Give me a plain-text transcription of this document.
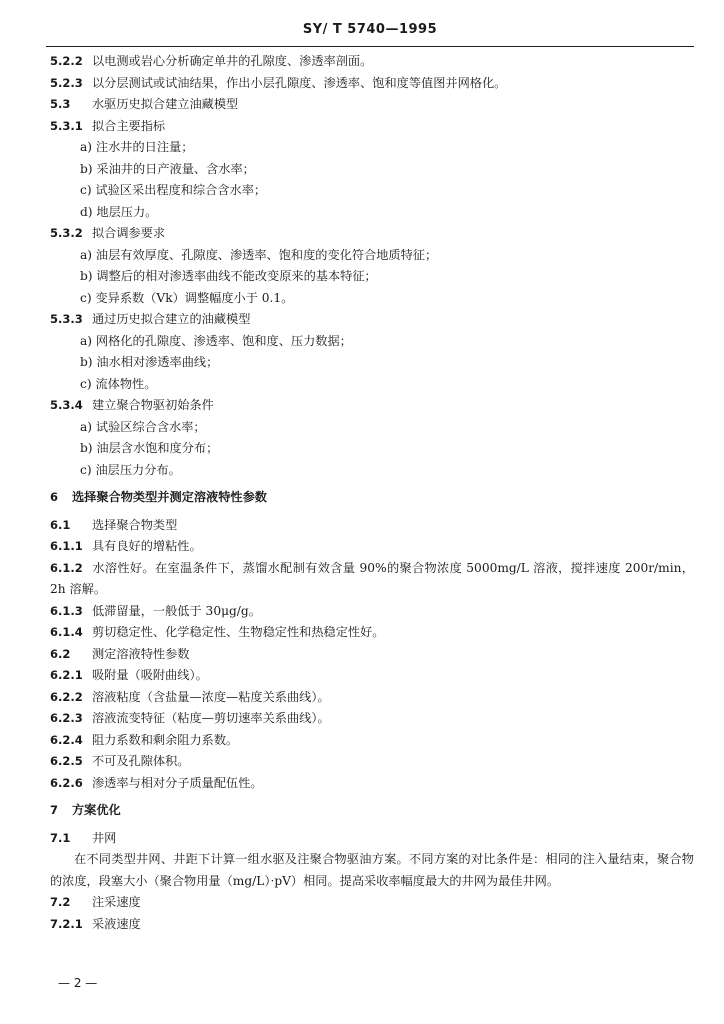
SY/ T 5740—1995
5.2.2 以电测或岩心分析确定单井的孔隙度、渗透率剖面。
5.2.3 以分层测试或试油结果，作出小层孔隙度、渗透率、饱和度等值图并网格化。
5.3 水驱历史拟合建立油藏模型
5.3.1 拟合主要指标
a) 注水井的日注量；
b) 采油井的日产液量、含水率；
c) 试验区采出程度和综合含水率；
d) 地层压力。
5.3.2 拟合调参要求
a) 油层有效厚度、孔隙度、渗透率、饱和度的变化符合地质特征；
b) 调整后的相对渗透率曲线不能改变原来的基本特征；
c) 变异系数（Vk）调整幅度小于 0.1。
5.3.3 通过历史拟合建立的油藏模型
a) 网格化的孔隙度、渗透率、饱和度、压力数据；
b) 油水相对渗透率曲线；
c) 流体物性。
5.3.4 建立聚合物驱初始条件
a) 试验区综合含水率；
b) 油层含水饱和度分布；
c) 油层压力分布。
6 选择聚合物类型并测定溶液特性参数
6.1 选择聚合物类型
6.1.1 具有良好的增粘性。
6.1.2 水溶性好。在室温条件下，蒸馏水配制有效含量 90%的聚合物浓度 5000mg/L 溶液，搅拌速度 200r/min，2h 溶解。
6.1.3 低滞留量，一般低于 30μg/g。
6.1.4 剪切稳定性、化学稳定性、生物稳定性和热稳定性好。
6.2 测定溶液特性参数
6.2.1 吸附量（吸附曲线）。
6.2.2 溶液粘度（含盐量—浓度—粘度关系曲线）。
6.2.3 溶液流变特征（粘度—剪切速率关系曲线）。
6.2.4 阻力系数和剩余阻力系数。
6.2.5 不可及孔隙体积。
6.2.6 渗透率与相对分子质量配伍性。
7 方案优化
7.1 井网
在不同类型井网、井距下计算一组水驱及注聚合物驱油方案。不同方案的对比条件是：相同的注入量结束，聚合物的浓度，段塞大小（聚合物用量（mg/L）·pV）相同。提高采收率幅度最大的井网为最佳井网。
7.2 注采速度
7.2.1 采液速度
— 2 —
